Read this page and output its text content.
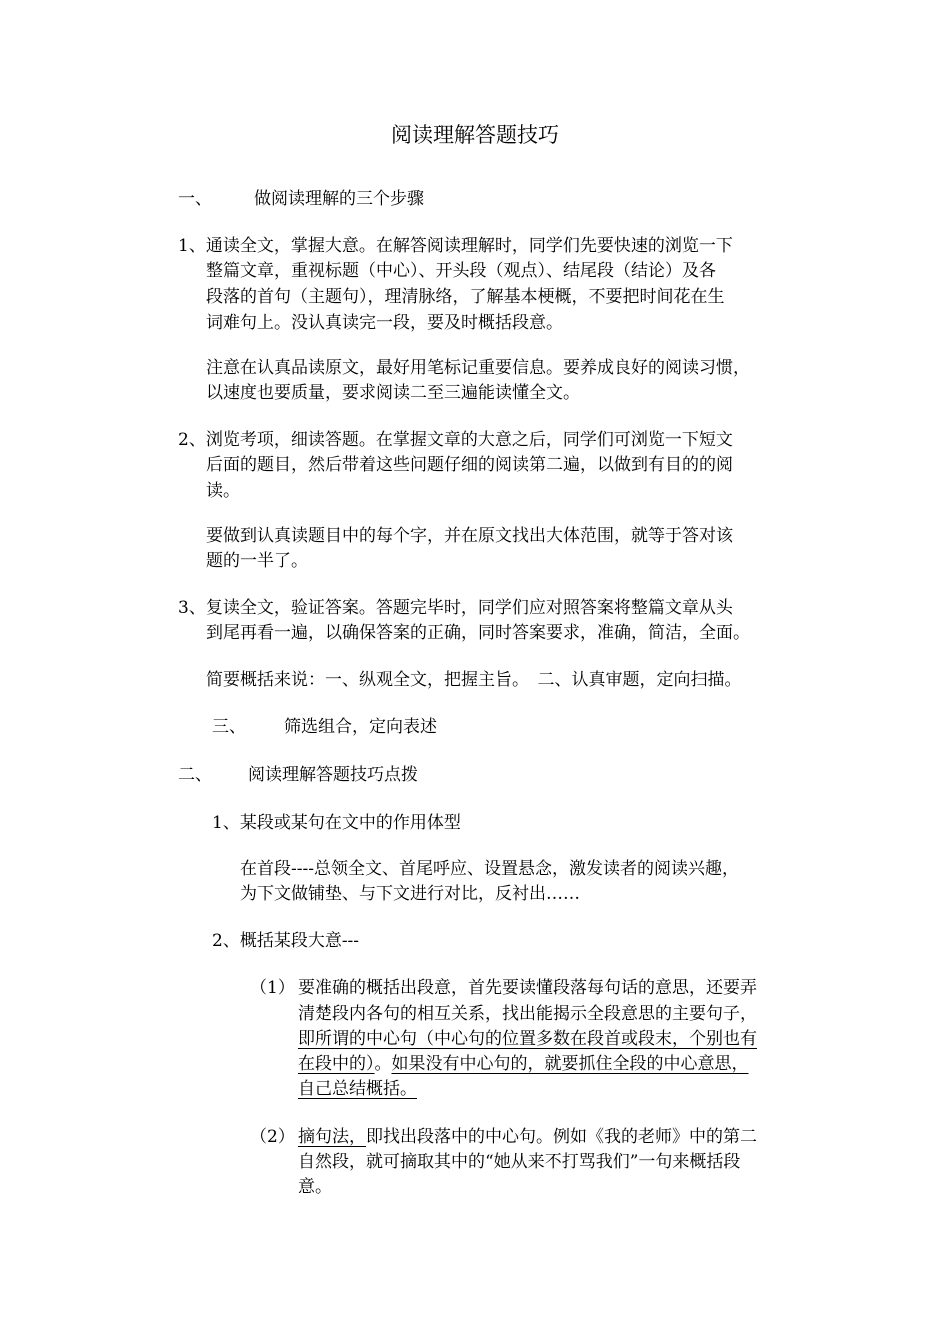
阅读理解答题技巧
一、 做阅读理解的三个步骤
1、通读全文，掌握大意。在解答阅读理解时，同学们先要快速的浏览一下
整篇文章，重视标题（中心）、开头段（观点）、结尾段（结论）及各
段落的首句（主题句），理清脉络，了解基本梗概，不要把时间花在生
词难句上。没认真读完一段，要及时概括段意。
注意在认真品读原文，最好用笔标记重要信息。要养成良好的阅读习惯，
以速度也要质量，要求阅读二至三遍能读懂全文。
2、浏览考项，细读答题。在掌握文章的大意之后，同学们可浏览一下短文
后面的题目，然后带着这些问题仔细的阅读第二遍，以做到有目的的阅
读。
要做到认真读题目中的每个字，并在原文找出大体范围，就等于答对该
题的一半了。
3、复读全文，验证答案。答题完毕时，同学们应对照答案将整篇文章从头
到尾再看一遍，以确保答案的正确，同时答案要求，准确，简洁，全面。
简要概括来说：一、纵观全文，把握主旨。　二、认真审题，定向扫描。
三、 筛选组合，定向表述
二、 阅读理解答题技巧点拨
1、某段或某句在文中的作用体型
在首段----总领全文、首尾呼应、设置悬念，激发读者的阅读兴趣，
为下文做铺垫、与下文进行对比，反衬出……
2、概括某段大意---
（1） 要准确的概括出段意，首先要读懂段落每句话的意思，还要弄
清楚段内各句的相互关系，找出能揭示全段意思的主要句子，
即所谓的中心句（中心句的位置多数在段首或段末，个别也有
在段中的）。如果没有中心句的，就要抓住全段的中心意思，
自己总结概括。
（2） 摘句法，即找出段落中的中心句。例如《我的老师》中的第二
自然段，就可摘取其中的“她从来不打骂我们”一句来概括段
意。
